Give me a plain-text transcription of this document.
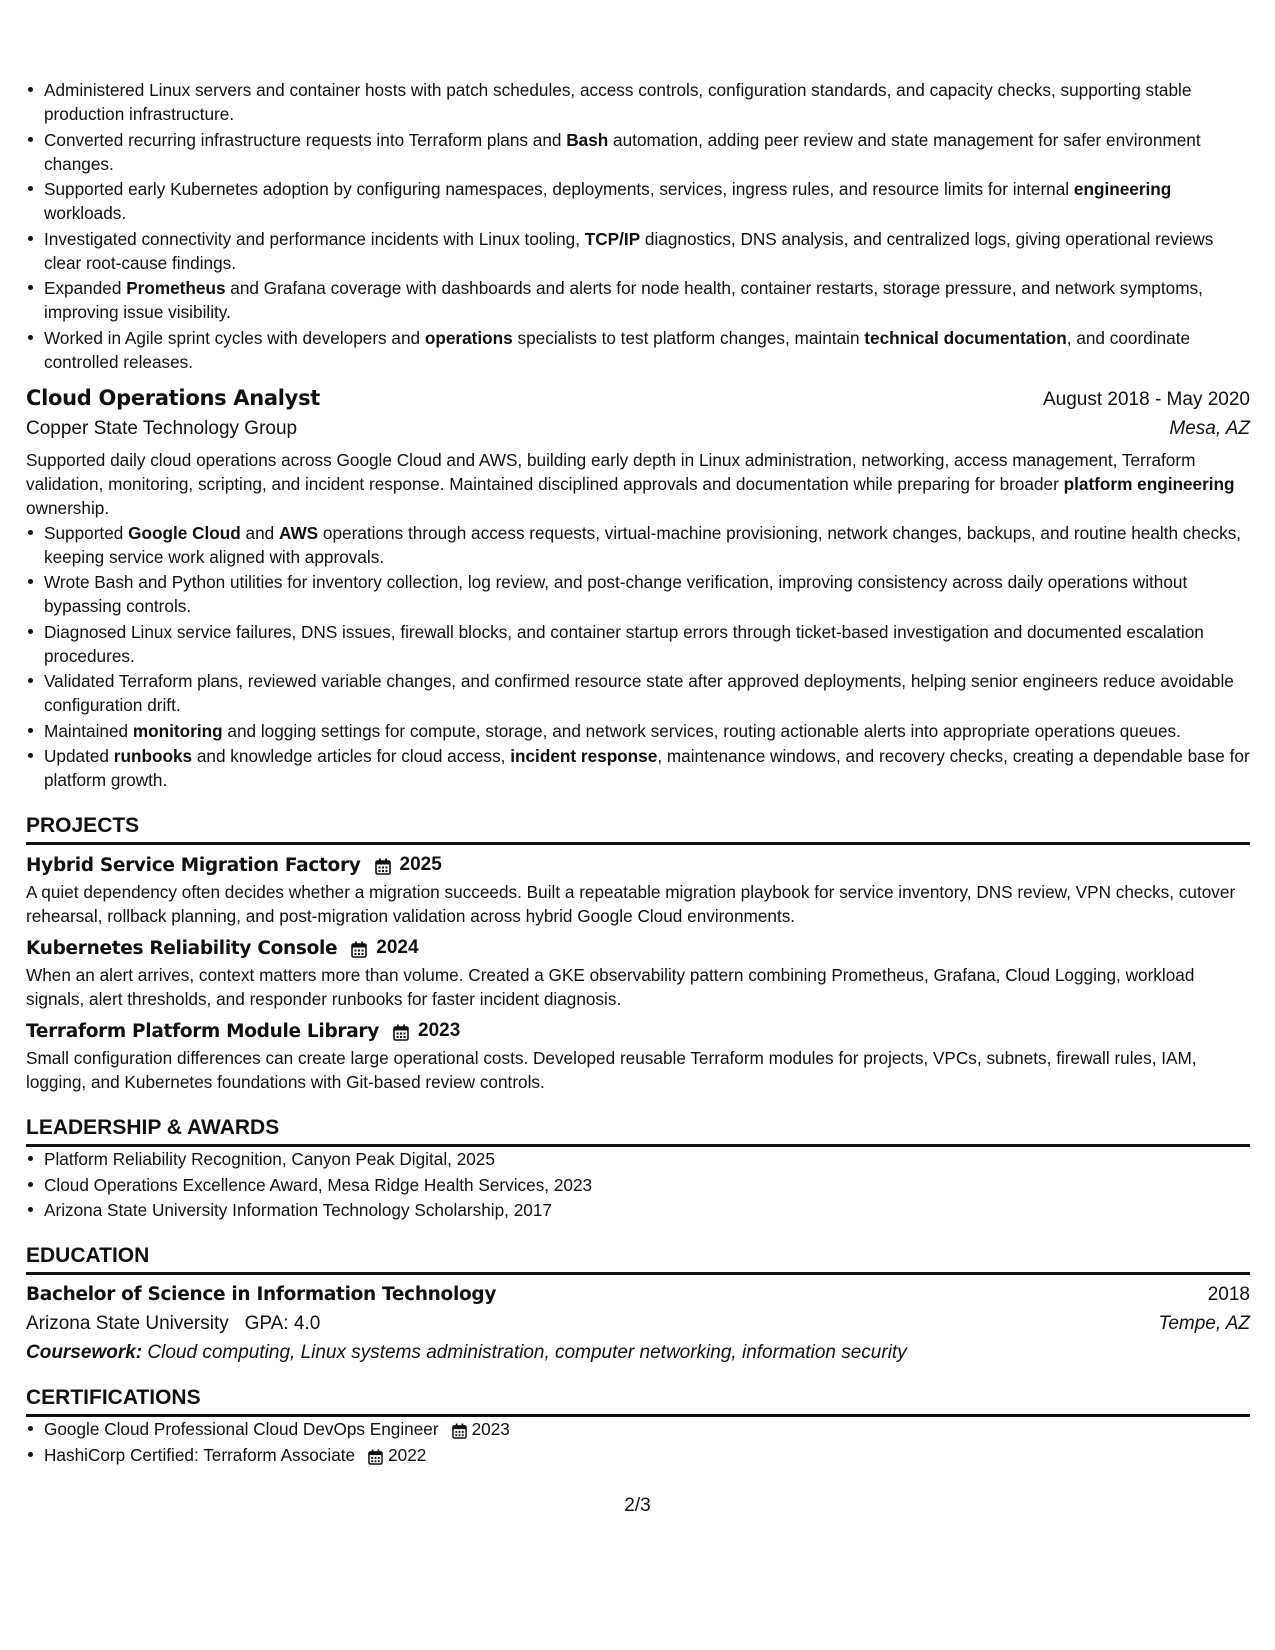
Administered Linux servers and container hosts with patch schedules, access controls, configuration standards, and capacity checks, supporting stable production infrastructure.
Converted recurring infrastructure requests into Terraform plans and Bash automation, adding peer review and state management for safer environment changes.
Supported early Kubernetes adoption by configuring namespaces, deployments, services, ingress rules, and resource limits for internal engineering workloads.
Investigated connectivity and performance incidents with Linux tooling, TCP/IP diagnostics, DNS analysis, and centralized logs, giving operational reviews clear root-cause findings.
Expanded Prometheus and Grafana coverage with dashboards and alerts for node health, container restarts, storage pressure, and network symptoms, improving issue visibility.
Worked in Agile sprint cycles with developers and operations specialists to test platform changes, maintain technical documentation, and coordinate controlled releases.
Cloud Operations Analyst	August 2018 - May 2020
Copper State Technology Group	Mesa, AZ
Supported daily cloud operations across Google Cloud and AWS, building early depth in Linux administration, networking, access management, Terraform validation, monitoring, scripting, and incident response. Maintained disciplined approvals and documentation while preparing for broader platform engineering ownership.
Supported Google Cloud and AWS operations through access requests, virtual-machine provisioning, network changes, backups, and routine health checks, keeping service work aligned with approvals.
Wrote Bash and Python utilities for inventory collection, log review, and post-change verification, improving consistency across daily operations without bypassing controls.
Diagnosed Linux service failures, DNS issues, firewall blocks, and container startup errors through ticket-based investigation and documented escalation procedures.
Validated Terraform plans, reviewed variable changes, and confirmed resource state after approved deployments, helping senior engineers reduce avoidable configuration drift.
Maintained monitoring and logging settings for compute, storage, and network services, routing actionable alerts into appropriate operations queues.
Updated runbooks and knowledge articles for cloud access, incident response, maintenance windows, and recovery checks, creating a dependable base for platform growth.
PROJECTS
Hybrid Service Migration Factory 2025
A quiet dependency often decides whether a migration succeeds. Built a repeatable migration playbook for service inventory, DNS review, VPN checks, cutover rehearsal, rollback planning, and post-migration validation across hybrid Google Cloud environments.
Kubernetes Reliability Console 2024
When an alert arrives, context matters more than volume. Created a GKE observability pattern combining Prometheus, Grafana, Cloud Logging, workload signals, alert thresholds, and responder runbooks for faster incident diagnosis.
Terraform Platform Module Library 2023
Small configuration differences can create large operational costs. Developed reusable Terraform modules for projects, VPCs, subnets, firewall rules, IAM, logging, and Kubernetes foundations with Git-based review controls.
LEADERSHIP & AWARDS
Platform Reliability Recognition, Canyon Peak Digital, 2025
Cloud Operations Excellence Award, Mesa Ridge Health Services, 2023
Arizona State University Information Technology Scholarship, 2017
EDUCATION
Bachelor of Science in Information Technology	2018
Arizona State University GPA: 4.0	Tempe, AZ
Coursework: Cloud computing, Linux systems administration, computer networking, information security
CERTIFICATIONS
Google Cloud Professional Cloud DevOps Engineer 2023
HashiCorp Certified: Terraform Associate 2022
2/3
